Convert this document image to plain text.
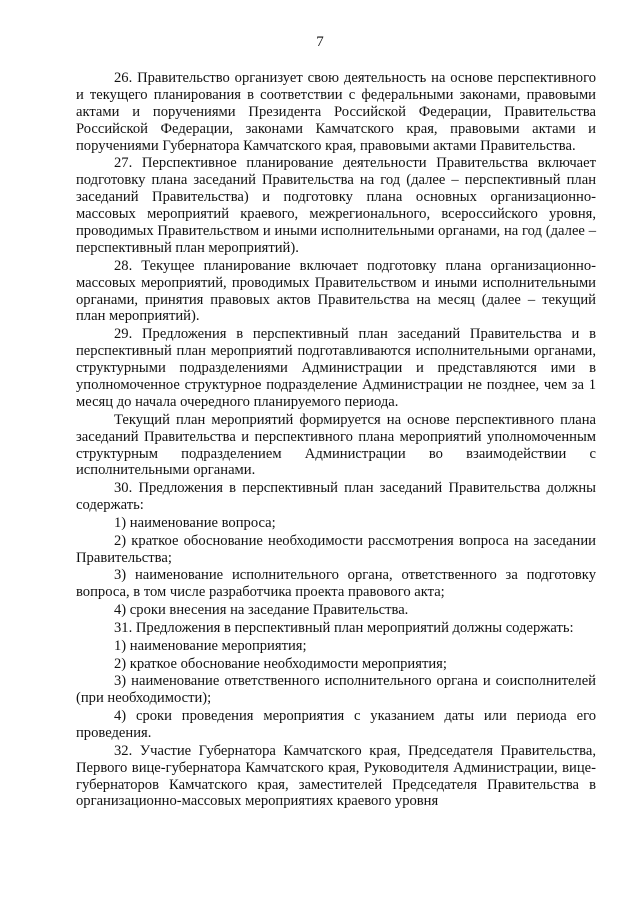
7

26. Правительство организует свою деятельность на основе перспективного и текущего планирования в соответствии с федеральными законами, правовыми актами и поручениями Президента Российской Федерации, Правительства Российской Федерации, законами Камчатского края, правовыми актами и поручениями Губернатора Камчатского края, правовыми актами Правительства.

27. Перспективное планирование деятельности Правительства включает подготовку плана заседаний Правительства на год (далее – перспективный план заседаний Правительства) и подготовку плана основных организационно-массовых мероприятий краевого, межрегионального, всероссийского уровня, проводимых Правительством и иными исполнительными органами, на год (далее – перспективный план мероприятий).

28. Текущее планирование включает подготовку плана организационно-массовых мероприятий, проводимых Правительством и иными исполнительными органами, принятия правовых актов Правительства на месяц (далее – текущий план мероприятий).

29. Предложения в перспективный план заседаний Правительства и в перспективный план мероприятий подготавливаются исполнительными органами, структурными подразделениями Администрации и представляются ими в уполномоченное структурное подразделение Администрации не позднее, чем за 1 месяц до начала очередного планируемого периода.

Текущий план мероприятий формируется на основе перспективного плана заседаний Правительства и перспективного плана мероприятий уполномоченным структурным подразделением Администрации во взаимодействии с исполнительными органами.

30. Предложения в перспективный план заседаний Правительства должны содержать:

1) наименование вопроса;

2) краткое обоснование необходимости рассмотрения вопроса на заседании Правительства;

3) наименование исполнительного органа, ответственного за подготовку вопроса, в том числе разработчика проекта правового акта;

4) сроки внесения на заседание Правительства.

31. Предложения в перспективный план мероприятий должны содержать:

1) наименование мероприятия;

2) краткое обоснование необходимости мероприятия;

3) наименование ответственного исполнительного органа и соисполнителей (при необходимости);

4) сроки проведения мероприятия с указанием даты или периода его проведения.

32. Участие Губернатора Камчатского края, Председателя Правительства, Первого вице-губернатора Камчатского края, Руководителя Администрации, вице-губернаторов Камчатского края, заместителей Председателя Правительства в организационно-массовых мероприятиях краевого уровня
